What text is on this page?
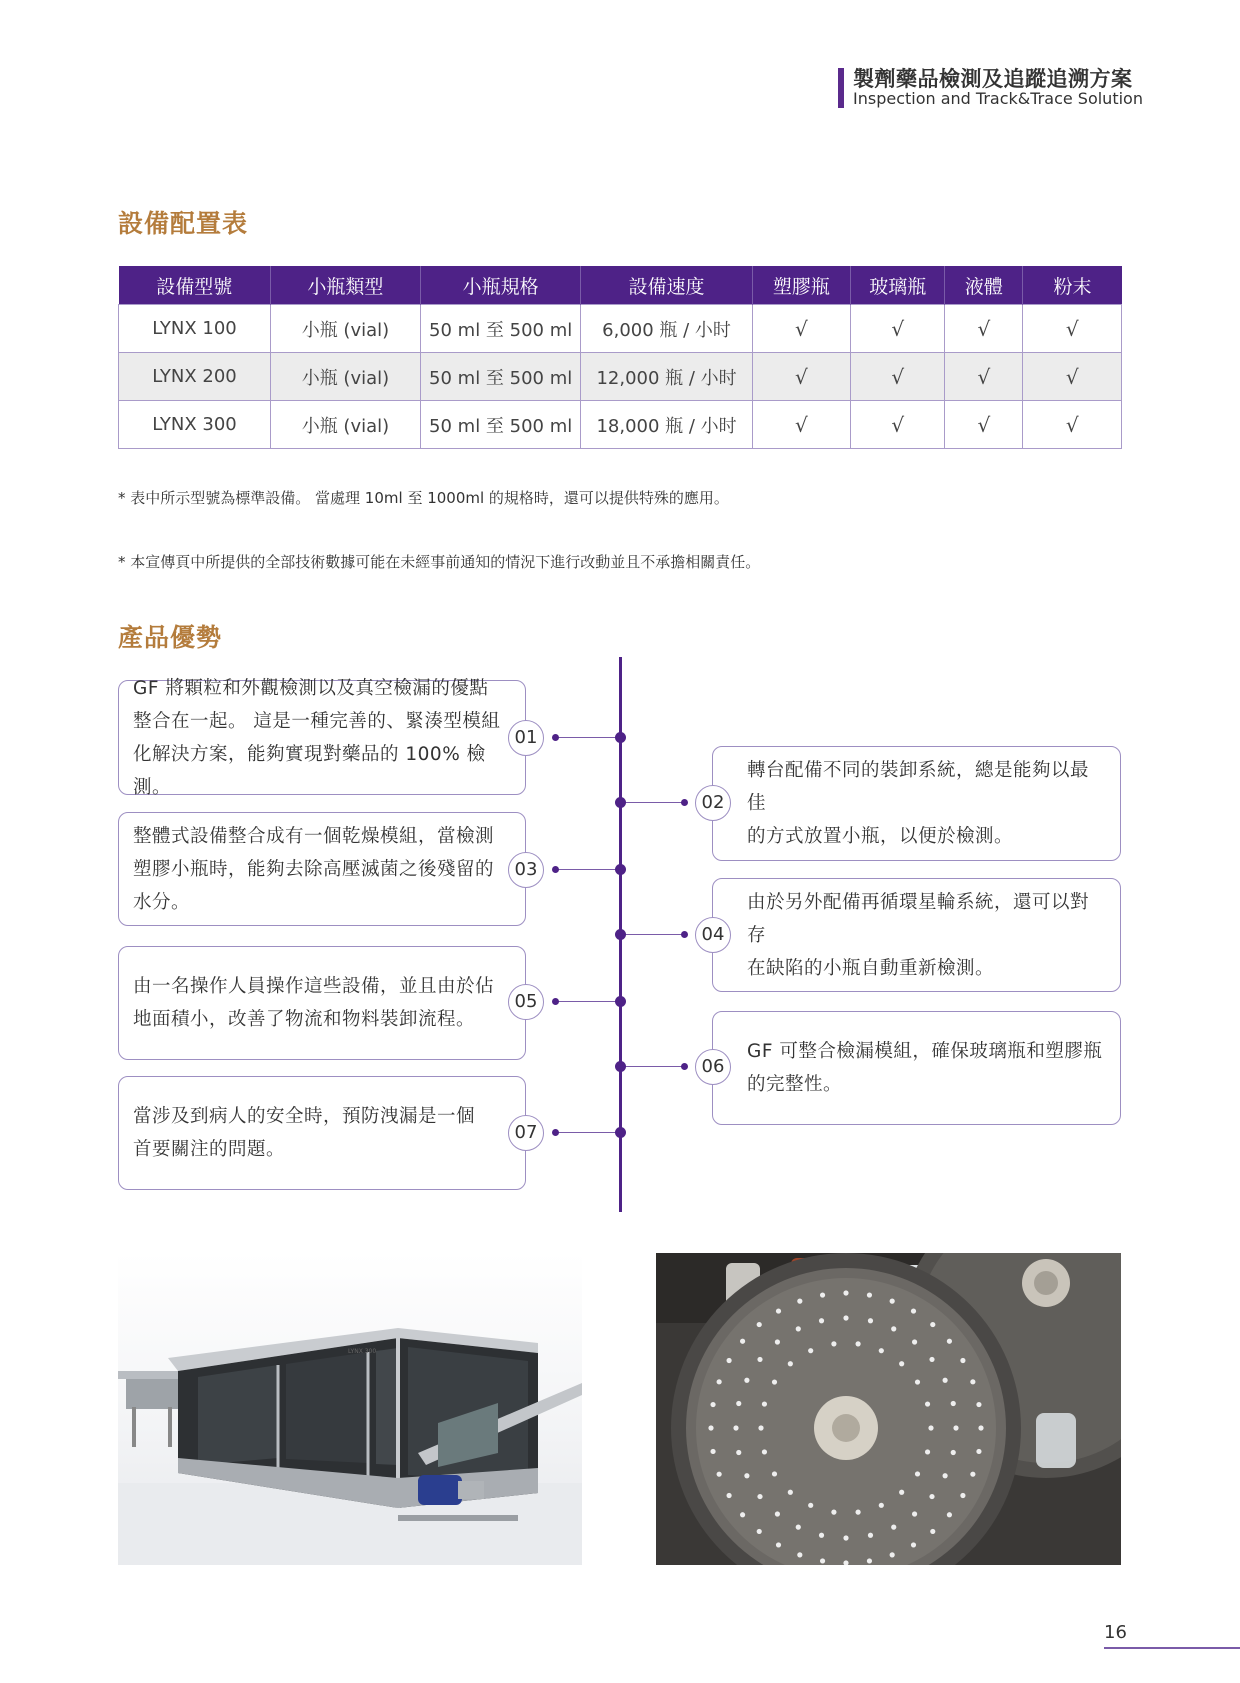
製劑藥品檢測及追蹤追溯方案
Inspection and Track&Trace Solution
設備配置表
設備型號	小瓶類型	小瓶規格	設備速度	塑膠瓶	玻璃瓶	液體	粉末
LYNX 100	小瓶 (vial)	50 ml 至 500 ml	6,000 瓶 / 小时	√	√	√	√
LYNX 200	小瓶 (vial)	50 ml 至 500 ml	12,000 瓶 / 小时	√	√	√	√
LYNX 300	小瓶 (vial)	50 ml 至 500 ml	18,000 瓶 / 小时	√	√	√	√
* 表中所示型號為標準設備。 當處理 10ml 至 1000ml 的規格時，還可以提供特殊的應用。
* 本宣傳頁中所提供的全部技術數據可能在未經事前通知的情況下進行改動並且不承擔相關責任。
產品優勢
GF 將顆粒和外觀檢測以及真空檢漏的優點
整合在一起。 這是一種完善的、緊湊型模組
化解決方案，能夠實現對藥品的 100% 檢測。
01
轉台配備不同的裝卸系統，總是能夠以最佳
的方式放置小瓶，以便於檢測。
02
整體式設備整合成有一個乾燥模組，當檢測
塑膠小瓶時，能夠去除高壓滅菌之後殘留的
水分。
03
由於另外配備再循環星輪系統，還可以對存
在缺陷的小瓶自動重新檢測。
04
由一名操作人員操作這些設備，並且由於佔
地面積小，改善了物流和物料裝卸流程。
05
GF 可整合檢漏模組，確保玻璃瓶和塑膠瓶
的完整性。
06
當涉及到病人的安全時，預防洩漏是一個
首要關注的問題。
07
LYNX 300
16
